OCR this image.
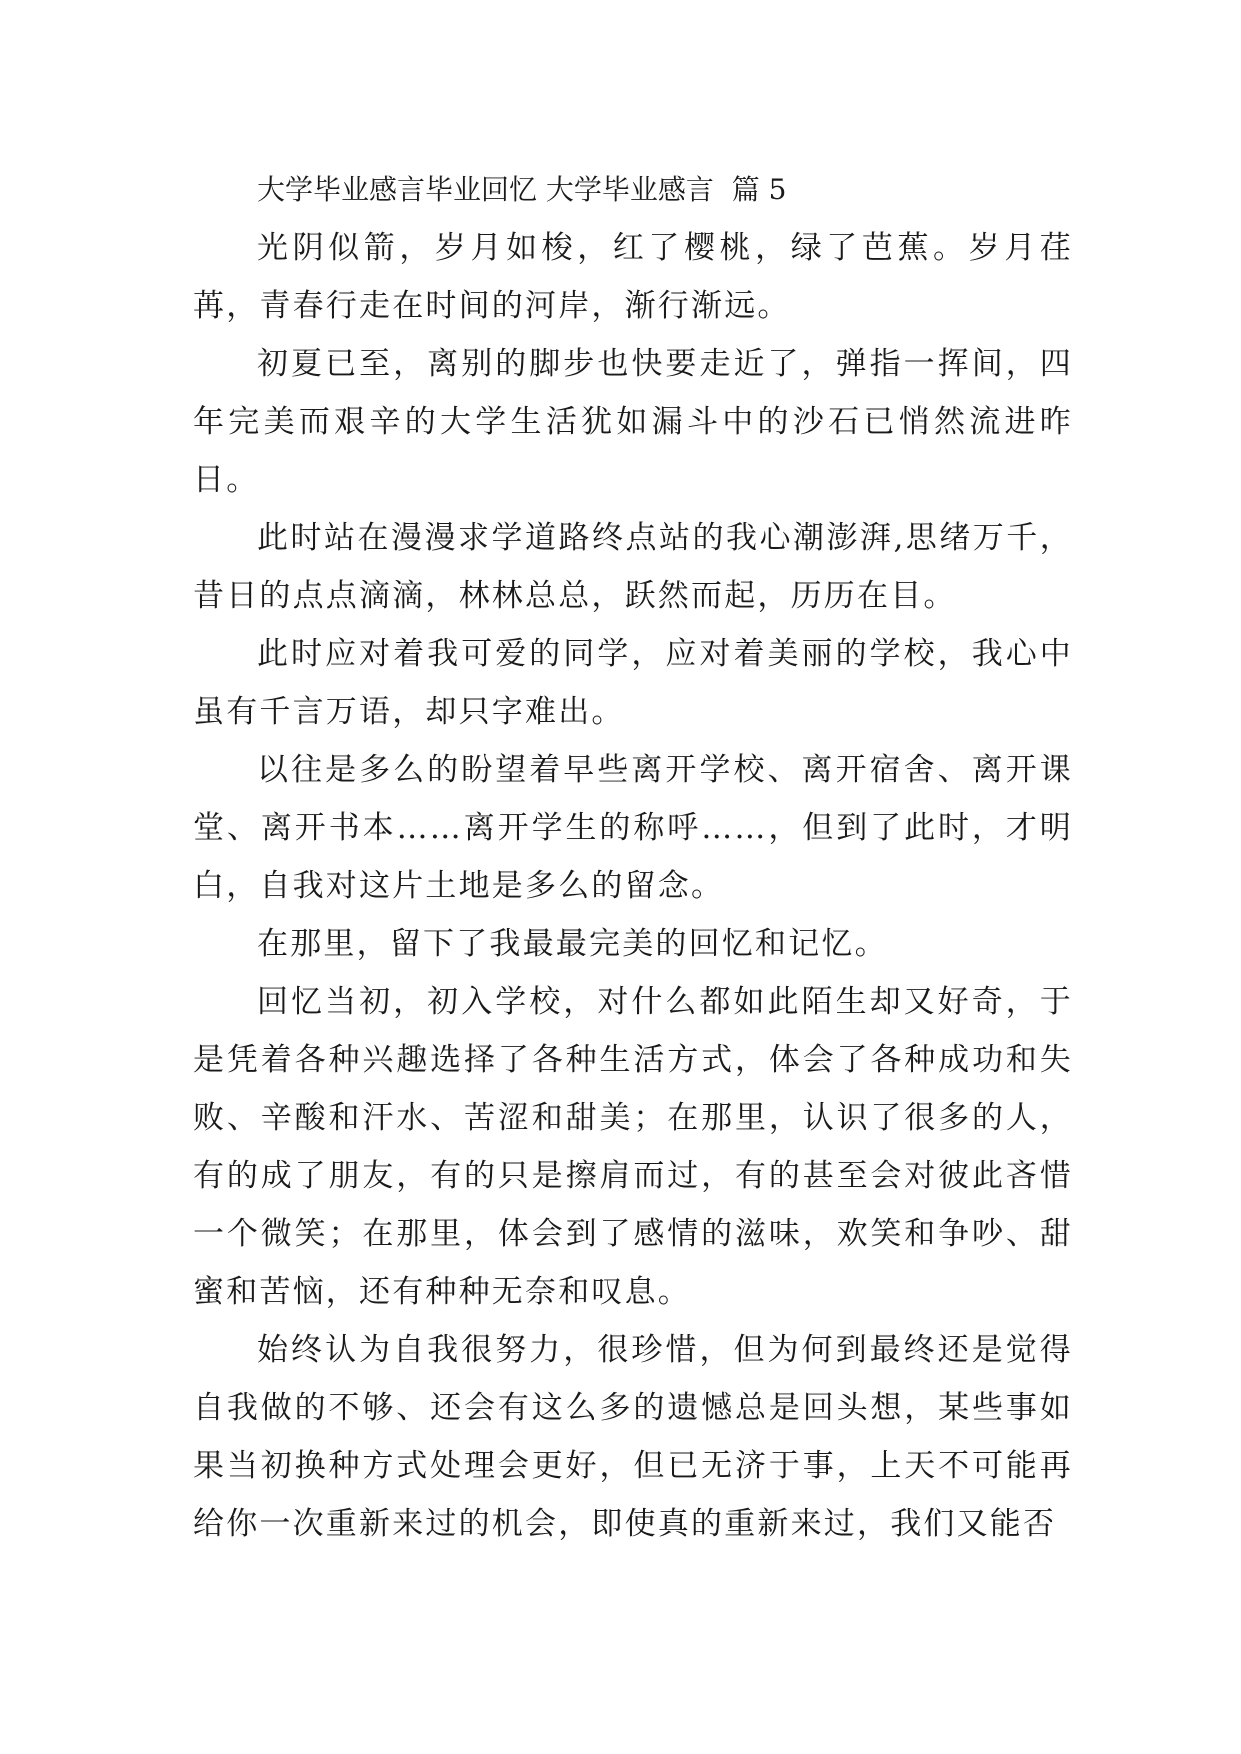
大学毕业感言毕业回忆 大学毕业感言  篇 5

光阴似箭，岁月如梭，红了樱桃，绿了芭蕉。岁月荏苒，青春行走在时间的河岸，渐行渐远。

初夏已至，离别的脚步也快要走近了，弹指一挥间，四年完美而艰辛的大学生活犹如漏斗中的沙石已悄然流进昨日。

此时站在漫漫求学道路终点站的我心潮澎湃,思绪万千，昔日的点点滴滴，林林总总，跃然而起，历历在目。

此时应对着我可爱的同学，应对着美丽的学校，我心中虽有千言万语，却只字难出。

以往是多么的盼望着早些离开学校、离开宿舍、离开课堂、离开书本……离开学生的称呼……，但到了此时，才明白，自我对这片土地是多么的留念。

在那里，留下了我最最完美的回忆和记忆。

回忆当初，初入学校，对什么都如此陌生却又好奇，于是凭着各种兴趣选择了各种生活方式，体会了各种成功和失败、辛酸和汗水、苦涩和甜美；在那里，认识了很多的人，有的成了朋友，有的只是擦肩而过，有的甚至会对彼此吝惜一个微笑；在那里，体会到了感情的滋味，欢笑和争吵、甜蜜和苦恼，还有种种无奈和叹息。

始终认为自我很努力，很珍惜，但为何到最终还是觉得自我做的不够、还会有这么多的遗憾总是回头想，某些事如果当初换种方式处理会更好，但已无济于事，上天不可能再给你一次重新来过的机会，即使真的重新来过，我们又能否
